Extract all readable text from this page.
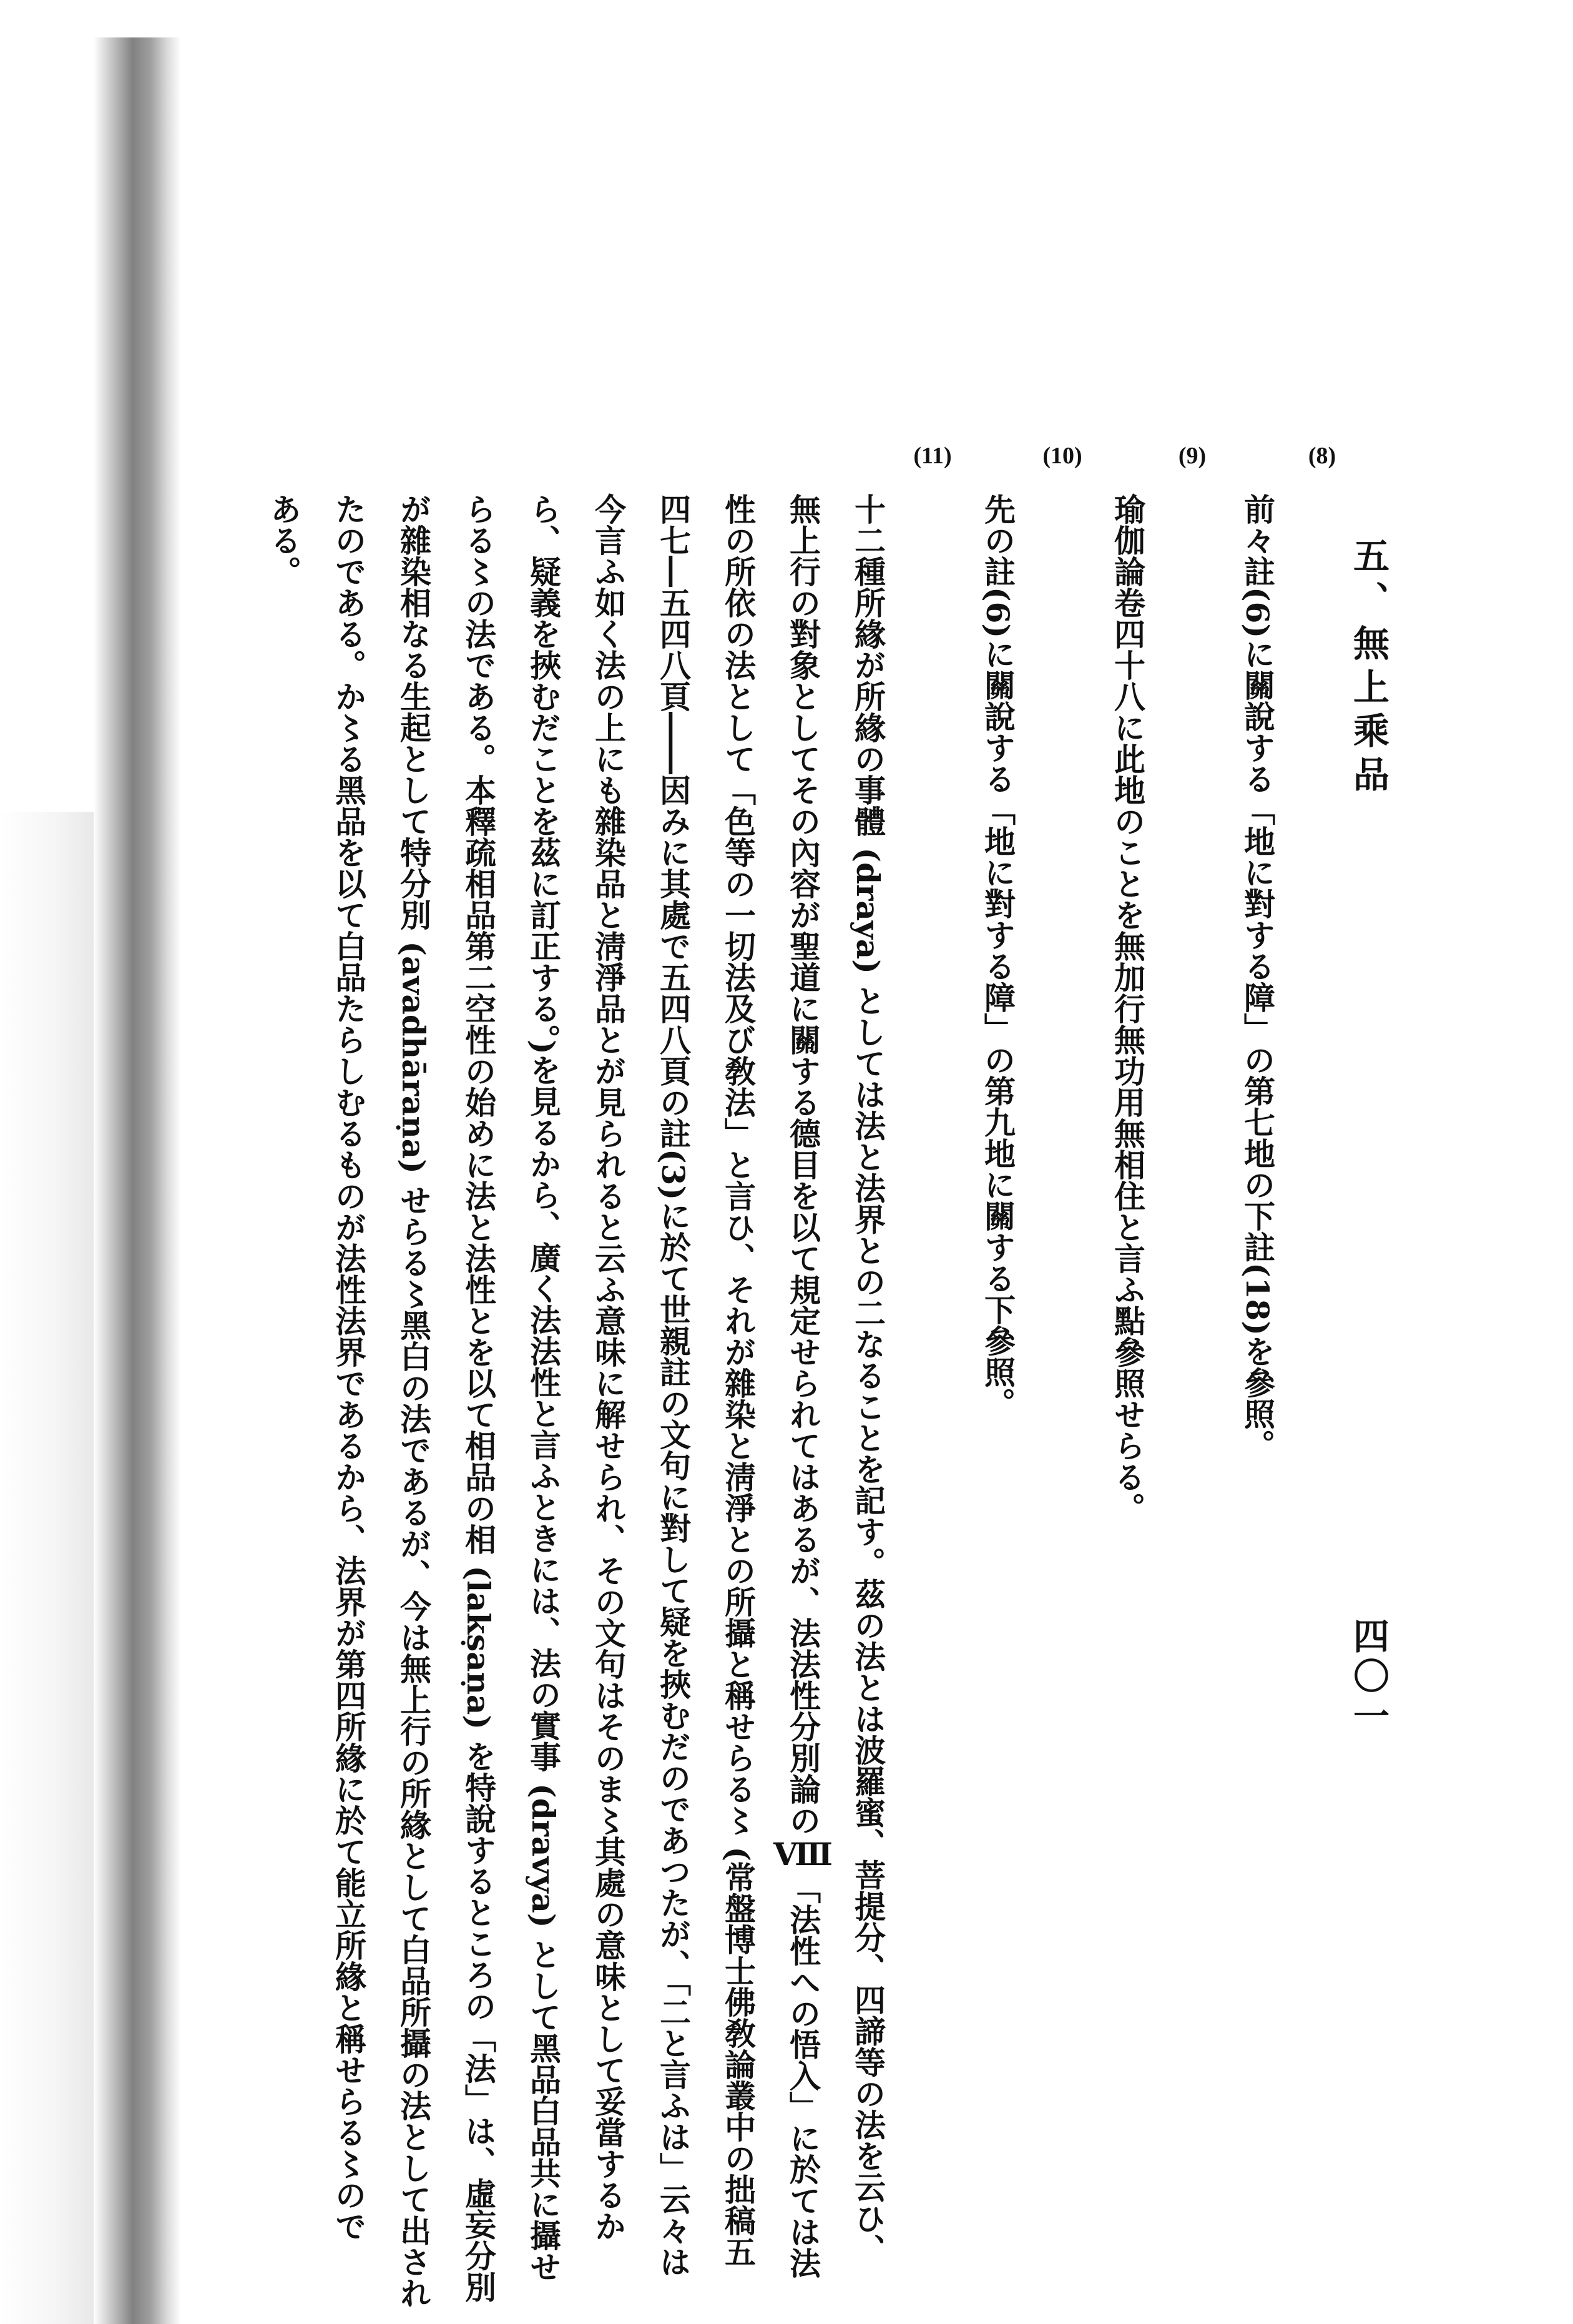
五、無上乘品
四〇一
(8)
前々註(6)に關說する「地に對する障」の第七地の下註(18)を參照。
(9)
瑜伽論卷四十八に此地のことを無加行無功用無相住と言ふ點參照せらる。
(10)
先の註(6)に關說する「地に對する障」の第九地に關する下參照。
(11)
十二種所緣が所緣の事體 (draya) としては法と法界との二なることを記す。茲の法とは波羅蜜、菩提分、四諦等の法を云ひ、
無上行の對象としてその內容が聖道に關する德目を以て規定せられてはあるが、法法性分別論のⅧ「法性への悟入」に於ては法
性の所依の法として「色等の一切法及び敎法」と言ひ、それが雜染と淸淨との所攝と稱せらる〻 (常盤博士佛敎論叢中の拙稿五
四七―五四八頁――因みに其處で五四八頁の註(3)に於て世親註の文句に對して疑を挾むだのであつたが、「二と言ふは」云々は
今言ふ如く法の上にも雜染品と淸淨品とが見られると云ふ意味に解せられ、その文句はそのま〻其處の意味として妥當するか
ら、疑義を挾むだことを茲に訂正する。)を見るから、廣く法法性と言ふときには、法の實事 (dravya) として黑品白品共に攝せ
らる〻の法である。本釋疏相品第二空性の始めに法と法性とを以て相品の相 (lakṣaṇa) を特說するところの「法」は、虛妄分別
が雜染相なる生起として特分別 (avadhāraṇa) せらる〻黑白の法であるが、今は無上行の所緣として白品所攝の法として出され
たのである。か〻る黑品を以て白品たらしむるものが法性法界であるから、法界が第四所緣に於て能立所緣と稱せらる〻ので
ある。
